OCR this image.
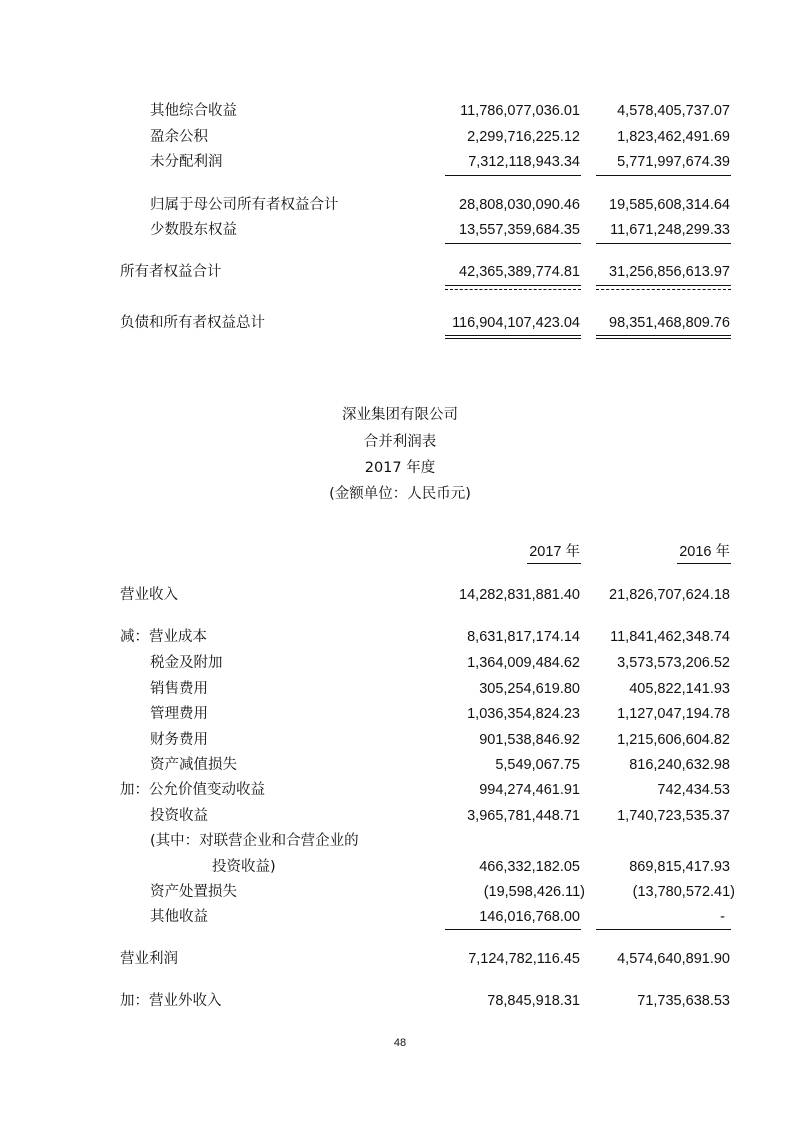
其他综合收益	11,786,077,036.01	4,578,405,737.07
盈余公积	2,299,716,225.12	1,823,462,491.69
未分配利润	7,312,118,943.34	5,771,997,674.39
归属于母公司所有者权益合计	28,808,030,090.46	19,585,608,314.64
少数股东权益	13,557,359,684.35	11,671,248,299.33
所有者权益合计	42,365,389,774.81	31,256,856,613.97
负债和所有者权益总计	116,904,107,423.04	98,351,468,809.76
深业集团有限公司
合并利润表
2017 年度
(金额单位：人民币元)
2017 年	2016 年
营业收入	14,282,831,881.40	21,826,707,624.18
减：营业成本	8,631,817,174.14	11,841,462,348.74
税金及附加	1,364,009,484.62	3,573,573,206.52
销售费用	305,254,619.80	405,822,141.93
管理费用	1,036,354,824.23	1,127,047,194.78
财务费用	901,538,846.92	1,215,606,604.82
资产减值损失	5,549,067.75	816,240,632.98
加：公允价值变动收益	994,274,461.91	742,434.53
投资收益	3,965,781,448.71	1,740,723,535.37
(其中：对联营企业和合营企业的
投资收益)	466,332,182.05	869,815,417.93
资产处置损失	(19,598,426.11)	(13,780,572.41)
其他收益	146,016,768.00	-
营业利润	7,124,782,116.45	4,574,640,891.90
加：营业外收入	78,845,918.31	71,735,638.53
48
